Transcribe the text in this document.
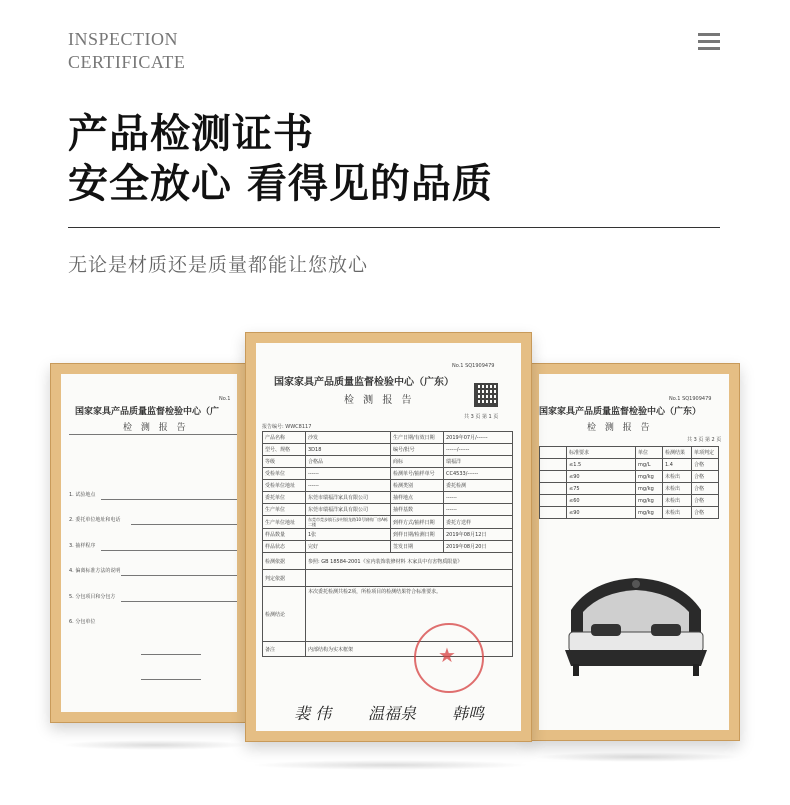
INSPECTION
CERTIFICATE
产品检测证书
安全放心 看得见的品质
无论是材质还是质量都能让您放心
No.1
国家家具产品质量监督检验中心（广
检 测 报 告
1. 试验地点
2. 委托单位地址和电话
3. 抽样程序
4. 偏离标准方法的说明
5. 分包项目和分包方
6. 分包单位
No.1 SQ1909479
国家家具产品质量监督检验中心（广东）
检 测 报 告
共 3 页 第 2 页
	标准要求	单位	检测结果	单项判定
	≤1.5	mg/L	1.4	合格
	≤90	mg/kg	未检出	合格
	≤75	mg/kg	未检出	合格
	≤60	mg/kg	未检出	合格
	≤90	mg/kg	未检出	合格
No.1 SQ1909479
国家家具产品质量监督检验中心（广东）
检 测 报 告
共 3 页 第 1 页
报告编号: WWC8117
产品名称	沙发	生产日期/有效日期	2019年07月/------
型号、规格	3D18	编号/批号	------/------
等级	合格品	商标	瑞福洋
受检单位	------	检测单号/抽样单号	CC4533/------
受检单位地址	------	检测类别	委托检测
委托单位	东莞市瑞福洋家具有限公司	抽样地点	------
生产单位	东莞市瑞福洋家具有限公司	抽样基数	------
生产单位地址	东莞市莞步镇石步村银龙路10号钢构厂房A栋二楼	到样方式/抽样日期	委托方送样
样品数量	1张	到样日期/检测日期	2019年08月12日
样品状态	完好	签发日期	2019年08月20日
检测依据	参照: GB 18584-2001《室内装饰装修材料 木家具中有害物质限量》		
判定依据			
检测结论	本次委托检测共检2项，所检项目的检测结果符合标准要求。		
备注	内部结构为实木框架		
★
裴 伟 温福泉 韩鸣
